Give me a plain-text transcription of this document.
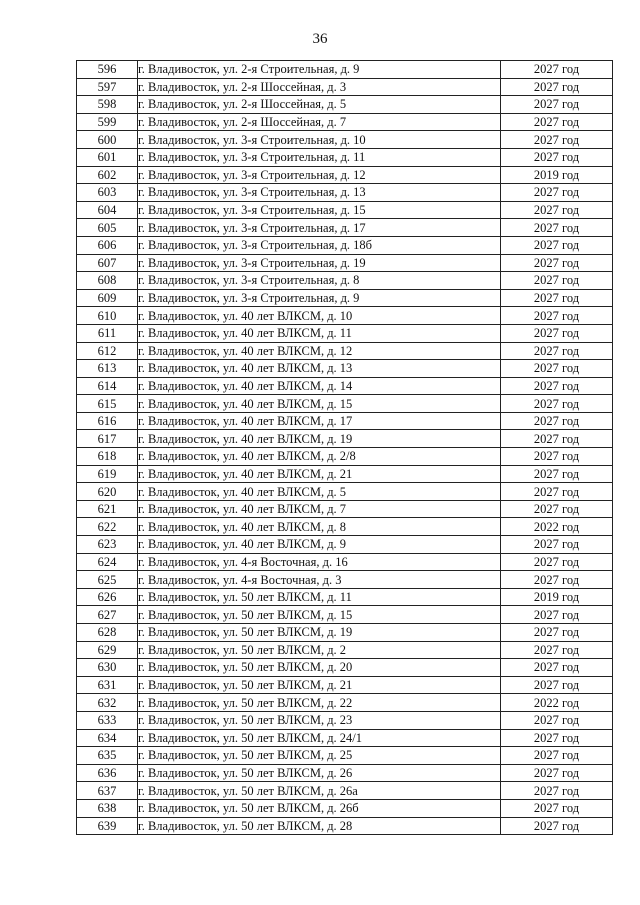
36
596	г. Владивосток, ул. 2-я Строительная, д. 9	2027 год
597	г. Владивосток, ул. 2-я Шоссейная, д. 3	2027 год
598	г. Владивосток, ул. 2-я Шоссейная, д. 5	2027 год
599	г. Владивосток, ул. 2-я Шоссейная, д. 7	2027 год
600	г. Владивосток, ул. 3-я Строительная, д. 10	2027 год
601	г. Владивосток, ул. 3-я Строительная, д. 11	2027 год
602	г. Владивосток, ул. 3-я Строительная, д. 12	2019 год
603	г. Владивосток, ул. 3-я Строительная, д. 13	2027 год
604	г. Владивосток, ул. 3-я Строительная, д. 15	2027 год
605	г. Владивосток, ул. 3-я Строительная, д. 17	2027 год
606	г. Владивосток, ул. 3-я Строительная, д. 18б	2027 год
607	г. Владивосток, ул. 3-я Строительная, д. 19	2027 год
608	г. Владивосток, ул. 3-я Строительная, д. 8	2027 год
609	г. Владивосток, ул. 3-я Строительная, д. 9	2027 год
610	г. Владивосток, ул. 40 лет ВЛКСМ, д. 10	2027 год
611	г. Владивосток, ул. 40 лет ВЛКСМ, д. 11	2027 год
612	г. Владивосток, ул. 40 лет ВЛКСМ, д. 12	2027 год
613	г. Владивосток, ул. 40 лет ВЛКСМ, д. 13	2027 год
614	г. Владивосток, ул. 40 лет ВЛКСМ, д. 14	2027 год
615	г. Владивосток, ул. 40 лет ВЛКСМ, д. 15	2027 год
616	г. Владивосток, ул. 40 лет ВЛКСМ, д. 17	2027 год
617	г. Владивосток, ул. 40 лет ВЛКСМ, д. 19	2027 год
618	г. Владивосток, ул. 40 лет ВЛКСМ, д. 2/8	2027 год
619	г. Владивосток, ул. 40 лет ВЛКСМ, д. 21	2027 год
620	г. Владивосток, ул. 40 лет ВЛКСМ, д. 5	2027 год
621	г. Владивосток, ул. 40 лет ВЛКСМ, д. 7	2027 год
622	г. Владивосток, ул. 40 лет ВЛКСМ, д. 8	2022 год
623	г. Владивосток, ул. 40 лет ВЛКСМ, д. 9	2027 год
624	г. Владивосток, ул. 4-я Восточная, д. 16	2027 год
625	г. Владивосток, ул. 4-я Восточная, д. 3	2027 год
626	г. Владивосток, ул. 50 лет ВЛКСМ, д. 11	2019 год
627	г. Владивосток, ул. 50 лет ВЛКСМ, д. 15	2027 год
628	г. Владивосток, ул. 50 лет ВЛКСМ, д. 19	2027 год
629	г. Владивосток, ул. 50 лет ВЛКСМ, д. 2	2027 год
630	г. Владивосток, ул. 50 лет ВЛКСМ, д. 20	2027 год
631	г. Владивосток, ул. 50 лет ВЛКСМ, д. 21	2027 год
632	г. Владивосток, ул. 50 лет ВЛКСМ, д. 22	2022 год
633	г. Владивосток, ул. 50 лет ВЛКСМ, д. 23	2027 год
634	г. Владивосток, ул. 50 лет ВЛКСМ, д. 24/1	2027 год
635	г. Владивосток, ул. 50 лет ВЛКСМ, д. 25	2027 год
636	г. Владивосток, ул. 50 лет ВЛКСМ, д. 26	2027 год
637	г. Владивосток, ул. 50 лет ВЛКСМ, д. 26а	2027 год
638	г. Владивосток, ул. 50 лет ВЛКСМ, д. 26б	2027 год
639	г. Владивосток, ул. 50 лет ВЛКСМ, д. 28	2027 год
